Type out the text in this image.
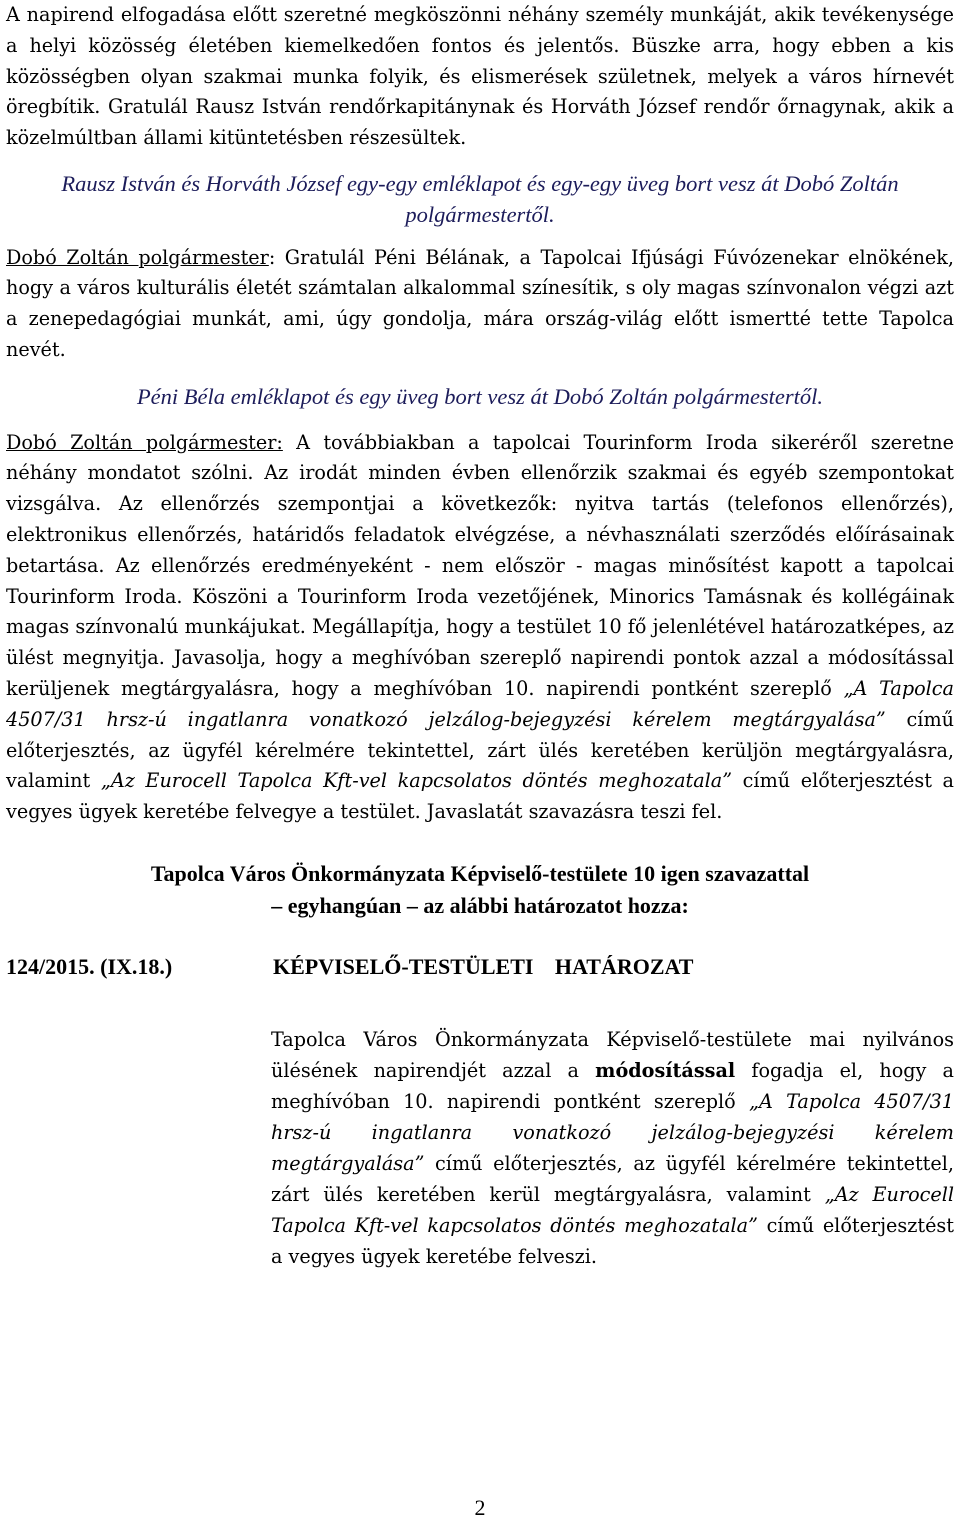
A napirend elfogadása előtt szeretné megköszönni néhány személy munkáját, akik tevékenysége a helyi közösség életében kiemelkedően fontos és jelentős. Büszke arra, hogy ebben a kis közösségben olyan szakmai munka folyik, és elismerések születnek, melyek a város hírnevét öregbítik. Gratulál Rausz István rendőrkapitánynak és Horváth József rendőr őrnagynak, akik a közelmúltban állami kitüntetésben részesültek.

Rausz István és Horváth József egy-egy emléklapot és egy-egy üveg bort vesz át Dobó Zoltán polgármestertől.

Dobó Zoltán polgármester: Gratulál Péni Bélának, a Tapolcai Ifjúsági Fúvózenekar elnökének, hogy a város kulturális életét számtalan alkalommal színesítik, s oly magas színvonalon végzi azt a zenepedagógiai munkát, ami, úgy gondolja, mára ország-világ előtt ismertté tette Tapolca nevét.

Péni Béla emléklapot és egy üveg bort vesz át Dobó Zoltán polgármestertől.

Dobó Zoltán polgármester: A továbbiakban a tapolcai Tourinform Iroda sikeréről szeretne néhány mondatot szólni. Az irodát minden évben ellenőrzik szakmai és egyéb szempontokat vizsgálva. Az ellenőrzés szempontjai a következők: nyitva tartás (telefonos ellenőrzés), elektronikus ellenőrzés, határidős feladatok elvégzése, a névhasználati szerződés előírásainak betartása. Az ellenőrzés eredményeként - nem először - magas minősítést kapott a tapolcai Tourinform Iroda. Köszöni a Tourinform Iroda vezetőjének, Minorics Tamásnak és kollégáinak magas színvonalú munkájukat. Megállapítja, hogy a testület 10 fő jelenlétével határozatképes, az ülést megnyitja. Javasolja, hogy a meghívóban szereplő napirendi pontok azzal a módosítással kerüljenek megtárgyalásra, hogy a meghívóban 10. napirendi pontként szereplő „A Tapolca 4507/31 hrsz-ú ingatlanra vonatkozó jelzálog-bejegyzési kérelem megtárgyalása” című előterjesztés, az ügyfél kérelmére tekintettel, zárt ülés keretében kerüljön megtárgyalásra, valamint „Az Eurocell Tapolca Kft-vel kapcsolatos döntés meghozatala” című előterjesztést a vegyes ügyek keretébe felvegye a testület. Javaslatát szavazásra teszi fel.

Tapolca Város Önkormányzata Képviselő-testülete 10 igen szavazattal

– egyhangúan – az alábbi határozatot hozza:

124/2015. (IX.18.)	KÉPVISELŐ-TESTÜLETI HATÁROZAT

Tapolca Város Önkormányzata Képviselő-testülete mai nyilvános ülésének napirendjét azzal a módosítással fogadja el, hogy a meghívóban 10. napirendi pontként szereplő „A Tapolca 4507/31 hrsz-ú ingatlanra vonatkozó jelzálog-bejegyzési kérelem megtárgyalása” című előterjesztés, az ügyfél kérelmére tekintettel, zárt ülés keretében kerül megtárgyalásra, valamint „Az Eurocell Tapolca Kft-vel kapcsolatos döntés meghozatala” című előterjesztést a vegyes ügyek keretébe felveszi.

2
